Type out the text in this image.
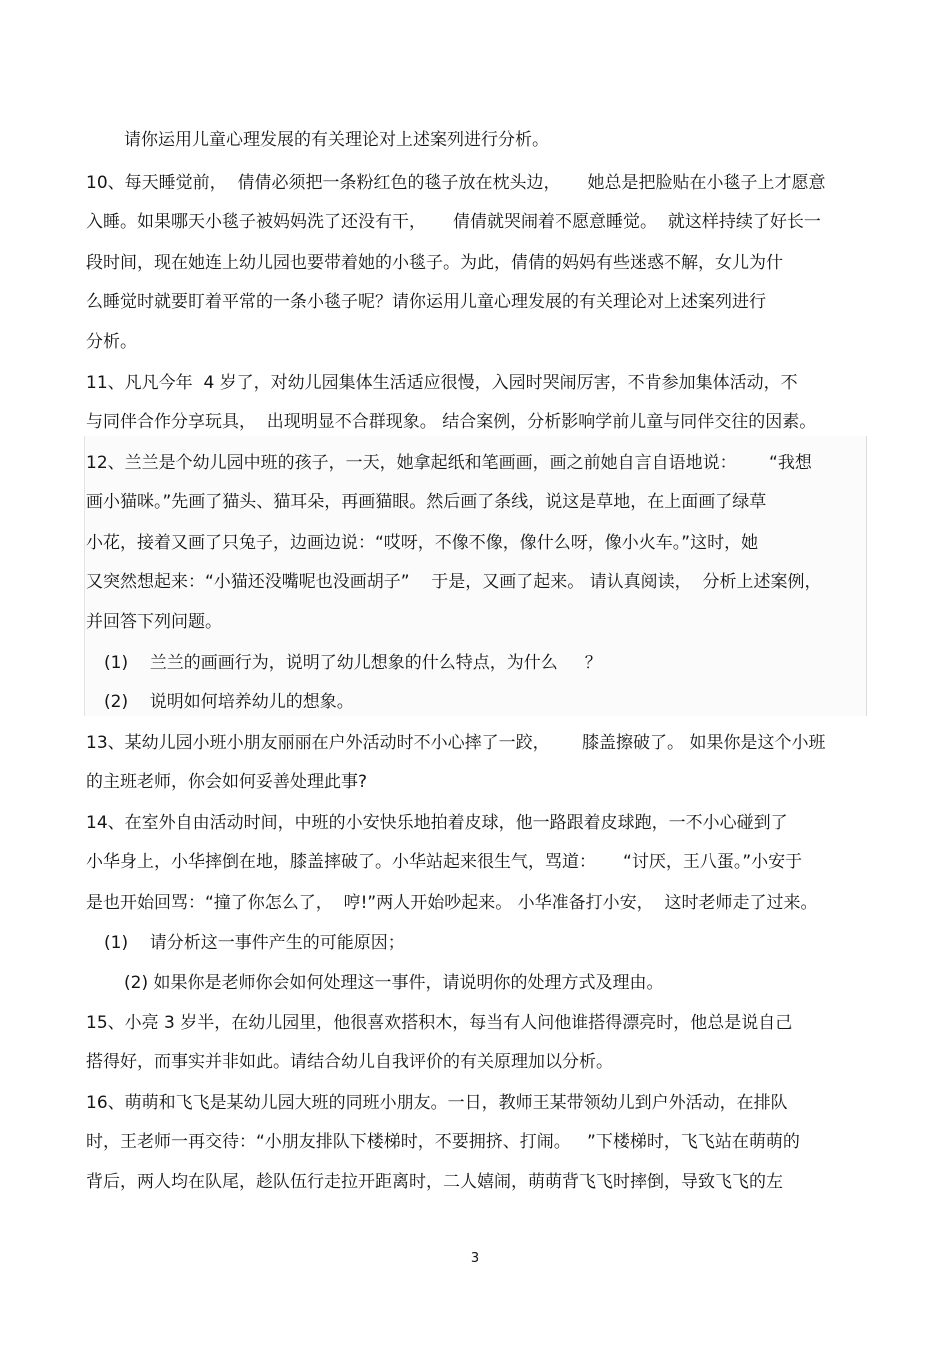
请你运用儿童心理发展的有关理论对上述案列进行分析。
10、每天睡觉前，  倩倩必须把一条粉红色的毯子放在枕头边，     她总是把脸贴在小毯子上才愿意
入睡。如果哪天小毯子被妈妈洗了还没有干，     倩倩就哭闹着不愿意睡觉。  就这样持续了好长一
段时间，现在她连上幼儿园也要带着她的小毯子。为此，倩倩的妈妈有些迷惑不解，女儿为什
么睡觉时就要盯着平常的一条小毯子呢？请你运用儿童心理发展的有关理论对上述案列进行
分析。
11、凡凡今年  4 岁了，对幼儿园集体生活适应很慢，入园时哭闹厉害，不肯参加集体活动，不
与同伴合作分享玩具，  出现明显不合群现象。 结合案例，分析影响学前儿童与同伴交往的因素。
12、兰兰是个幼儿园中班的孩子，一天，她拿起纸和笔画画，画之前她自言自语地说：      “我想
画小猫咪。”先画了猫头、猫耳朵，再画猫眼。然后画了条线，说这是草地，在上面画了绿草
小花，接着又画了只兔子，边画边说：“哎呀，不像不像，像什么呀，像小火车。”这时，她
又突然想起来：“小猫还没嘴呢也没画胡子”    于是，又画了起来。 请认真阅读，  分析上述案例，
并回答下列问题。
(1)    兰兰的画画行为，说明了幼儿想象的什么特点，为什么     ？
(2)    说明如何培养幼儿的想象。
13、某幼儿园小班小朋友丽丽在户外活动时不小心摔了一跤，      膝盖擦破了。 如果你是这个小班
的主班老师，你会如何妥善处理此事?
14、在室外自由活动时间，中班的小安快乐地拍着皮球，他一路跟着皮球跑，一不小心碰到了
小华身上，小华摔倒在地，膝盖摔破了。小华站起来很生气，骂道：     “讨厌，王八蛋。”小安于
是也开始回骂：“撞了你怎么了，  哼!”两人开始吵起来。 小华准备打小安，  这时老师走了过来。
(1)    请分析这一事件产生的可能原因；
(2) 如果你是老师你会如何处理这一事件，请说明你的处理方式及理由。
15、小亮 3 岁半，在幼儿园里，他很喜欢搭积木，每当有人问他谁搭得漂亮时，他总是说自己
搭得好，而事实并非如此。请结合幼儿自我评价的有关原理加以分析。
16、萌萌和飞飞是某幼儿园大班的同班小朋友。一日，教师王某带领幼儿到户外活动，在排队
时，王老师一再交待：“小朋友排队下楼梯时，不要拥挤、打闹。   ”下楼梯时，飞飞站在萌萌的
背后，两人均在队尾，趁队伍行走拉开距离时，二人嬉闹，萌萌背飞飞时摔倒，导致飞飞的左
3
